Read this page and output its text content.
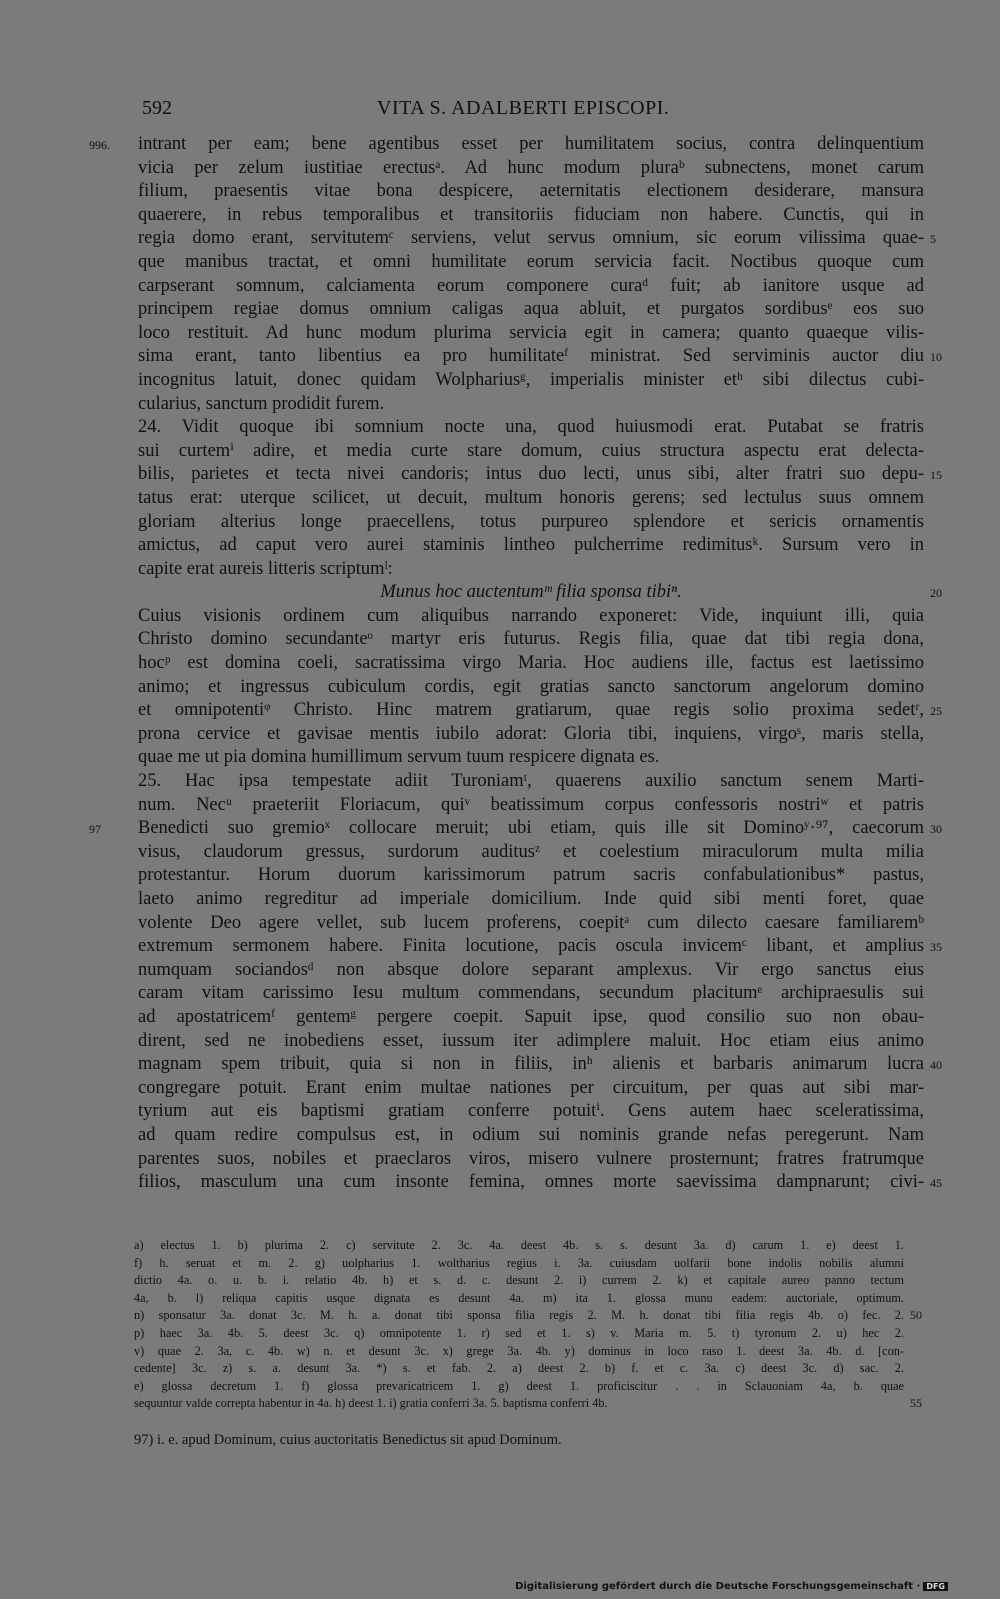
592	VITA S. ADALBERTI EPISCOPI.
intrant per eam; bene agentibus esset per humilitatem socius, contra delinquentium
996.
vicia per zelum iustitiae erectusᵃ. Ad hunc modum pluraᵇ subnectens, monet carum
filium, praesentis vitae bona despicere, aeternitatis electionem desiderare, mansura
quaerere, in rebus temporalibus et transitoriis fiduciam non habere. Cunctis, qui in
regia domo erant, servitutemᶜ serviens, velut servus omnium, sic eorum vilissima quae- 5
que manibus tractat, et omni humilitate eorum servicia facit. Noctibus quoque cum
carpserant somnum, calciamenta eorum componere curaᵈ fuit; ab ianitore usque ad
principem regiae domus omnium caligas aqua abluit, et purgatos sordibusᵉ eos suo
loco restituit. Ad hunc modum plurima servicia egit in camera; quanto quaeque vilis-
sima erant, tanto libentius ea pro humilitateᶠ ministrat. Sed serviminis auctor diu 10
incognitus latuit, donec quidam Wolphariusᵍ, imperialis minister etʰ sibi dilectus cubi-
cularius, sanctum prodidit furem.
24. Vidit quoque ibi somnium nocte una, quod huiusmodi erat. Putabat se fratris
sui curtemⁱ adire, et media curte stare domum, cuius structura aspectu erat delecta-
bilis, parietes et tecta nivei candoris; intus duo lecti, unus sibi, alter fratri suo depu- 15
tatus erat: uterque scilicet, ut decuit, multum honoris gerens; sed lectulus suus omnem
gloriam alterius longe praecellens, totus purpureo splendore et sericis ornamentis
amictus, ad caput vero aurei staminis lintheo pulcherrime redimitusᵏ. Sursum vero in
capite erat aureis litteris scriptumˡ:
Munus hoc auctentumᵐ filia sponsa tibiⁿ.	20
Cuius visionis ordinem cum aliquibus narrando exponeret: Vide, inquiunt illi, quia
Christo domino secundanteᵒ martyr eris futurus. Regis filia, quae dat tibi regia dona,
hocᵖ est domina coeli, sacratissima virgo Maria. Hoc audiens ille, factus est laetissimo
animo; et ingressus cubiculum cordis, egit gratias sancto sanctorum angelorum domino
et omnipotentiᵠ Christo. Hinc matrem gratiarum, quae regis solio proxima sedetʳ, 25
prona cervice et gavisae mentis iubilo adorat: Gloria tibi, inquiens, virgoˢ, maris stella,
quae me ut pia domina humillimum servum tuum respicere dignata es.
25. Hac ipsa tempestate adiit Turoniamᵗ, quaerens auxilio sanctum senem Marti-
num. Necᵘ praeteriit Floriacum, quiᵛ beatissimum corpus confessoris nostriʷ et patris
Benedicti suo gremioˣ collocare meruit; ubi etiam, quis ille sit Dominoʸ·⁹⁷, caecorum
97	30
visus, claudorum gressus, surdorum auditusᶻ et coelestium miraculorum multa milia
protestantur. Horum duorum karissimorum patrum sacris confabulationibus* pastus,
laeto animo regreditur ad imperiale domicilium. Inde quid sibi menti foret, quae
volente Deo agere vellet, sub lucem proferens, coepitᵃ cum dilecto caesare familiaremᵇ
extremum sermonem habere. Finita locutione, pacis oscula invicemᶜ libant, et amplius 35
numquam sociandosᵈ non absque dolore separant amplexus. Vir ergo sanctus eius
caram vitam carissimo Iesu multum commendans, secundum placitumᵉ archipraesulis sui
ad apostatricemᶠ gentemᵍ pergere coepit. Sapuit ipse, quod consilio suo non obau-
dirent, sed ne inobediens esset, iussum iter adimplere maluit. Hoc etiam eius animo
magnam spem tribuit, quia si non in filiis, inʰ alienis et barbaris animarum lucra 40
congregare potuit. Erant enim multae nationes per circuitum, per quas aut sibi mar-
tyrium aut eis baptismi gratiam conferre potuitⁱ. Gens autem haec sceleratissima,
ad quam redire compulsus est, in odium sui nominis grande nefas peregerunt. Nam
parentes suos, nobiles et praeclaros viros, misero vulnere prosternunt; fratres fratrumque
filios, masculum una cum insonte femina, omnes morte saevissima dampnarunt; civi- 45
a) electus 1. b) plurima 2. c) servitute 2. 3c. 4a. deest 4b. s. s. desunt 3a. d) carum 1. e) deest 1.
f) h. seruat et m. 2. g) uolpharius 1. woltharius regius i. 3a. cuiusdam uolfarii bone indolis nobilis alumni
dictio 4a. o. u. b. i. relatio 4b. h) et s. d. c. desunt 2. i) currem 2. k) et capitale aureo panno tectum
4a, b. l) reliqua capitis usque dignata es desunt 4a. m) ita 1. glossa munu eadem: auctoriale, optimum.
n) sponsatur 3a. donat 3c. M. h. a. donat tibi sponsa filia regis 2. M. h. donat tibi filia regis 4b. o) fec. 2. 50
p) haec 3a. 4b. 5. deest 3c. q) omnipotente 1. r) sed et 1. s) v. Maria m. 5. t) tyronum 2. u) hec 2.
v) quae 2. 3a, c. 4b. w) n. et desunt 3c. x) grege 3a. 4b. y) dominus in loco raso 1. deest 3a. 4b. d. [con-
cedente] 3c. z) s. a. desunt 3a. *) s. et fab. 2. a) deest 2. b) f. et c. 3a. c) deest 3c. d) sac. 2.
e) glossa decretum 1. f) glossa prevaricatricem 1. g) deest 1. proficiscitur . . in Sclauoniam 4a, b. quae
sequuntur valde correpta habentur in 4a. h) deest 1. i) gratia conferri 3a. 5. baptisma conferri 4b.	55
97) i. e. apud Dominum, cuius auctoritatis Benedictus sit apud Dominum.
Digitalisierung gefördert durch die Deutsche Forschungsgemeinschaft · DFG
